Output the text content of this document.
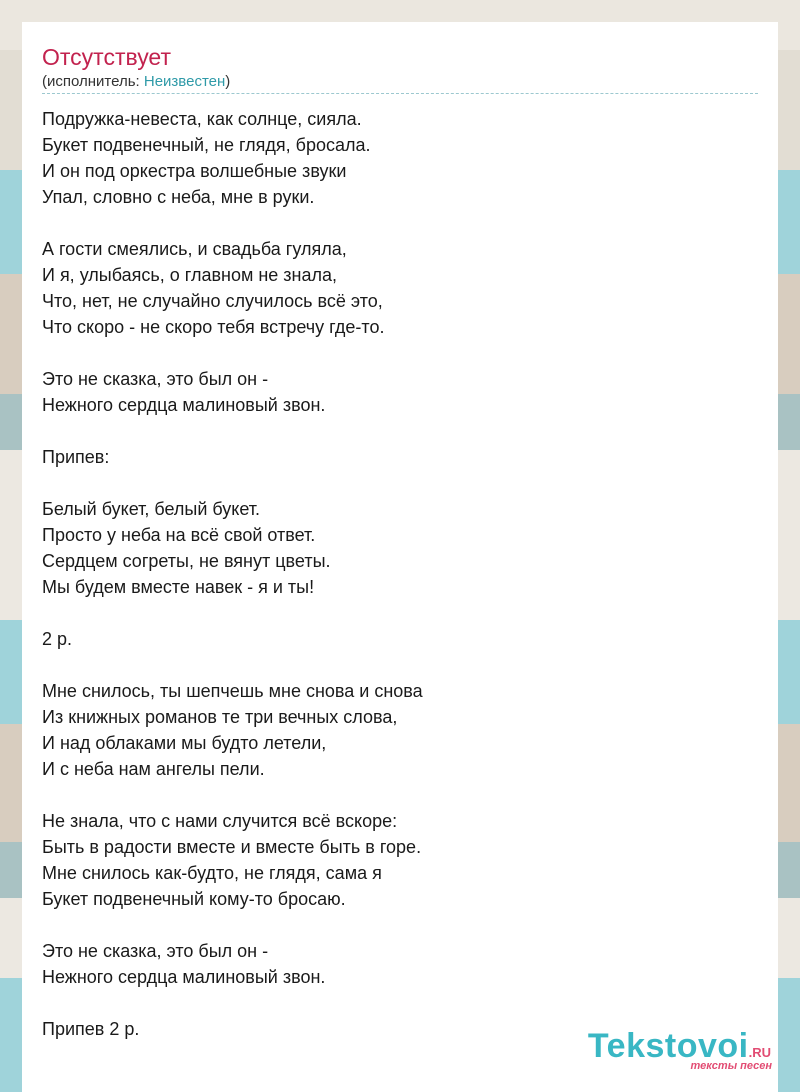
Отсутствует
(исполнитель: Неизвестен)
Подружка-невеста, как солнце, сияла.
Букет подвенечный, не глядя, бросала.
И он под оркестра волшебные звуки
Упал, словно с неба, мне в руки.
А гости смеялись, и свадьба гуляла,
И я, улыбаясь, о главном не знала,
Что, нет, не случайно случилось всё это,
Что скоро - не скоро тебя встречу где-то.
Это не сказка, это был он -
Нежного сердца малиновый звон.
Припев:
Белый букет, белый букет.
Просто у неба на всё свой ответ.
Сердцем согреты, не вянут цветы.
Мы будем вместе навек - я и ты!
2 р.
Мне снилось, ты шепчешь мне снова и снова
Из книжных романов те три вечных слова,
И над облаками мы будто летели,
И с неба нам ангелы пели.
Не знала, что с нами случится всё вскоре:
Быть в радости вместе и вместе быть в горе.
Мне снилось как-будто, не глядя, сама я
Букет подвенечный кому-то бросаю.
Это не сказка, это был он -
Нежного сердца малиновый звон.
Припев 2 р.	Tekstovoi.RU
тексты песен
